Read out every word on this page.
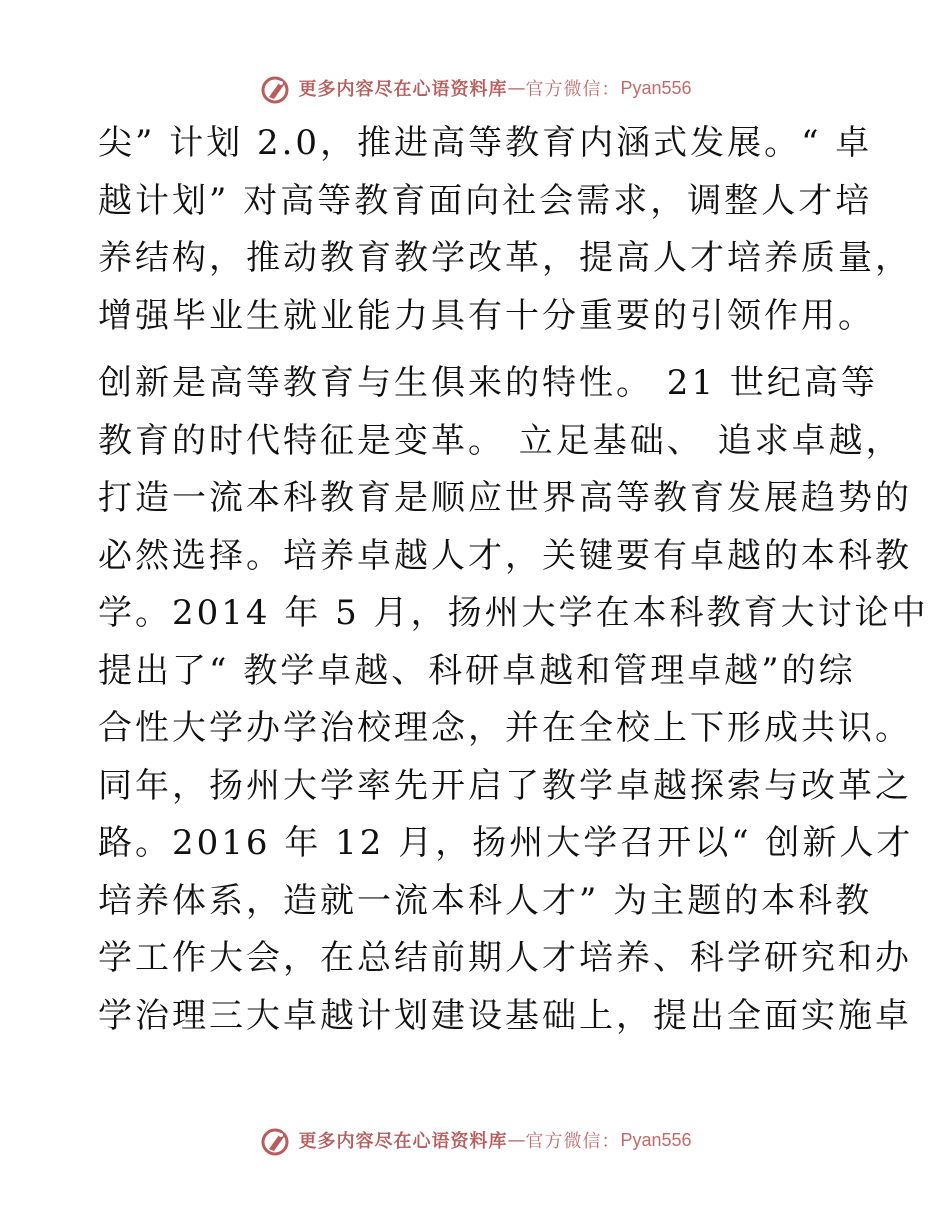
更多内容尽在心语资料库 — 官方微信： Pyan556
尖” 计划 2.0，推进高等教育内涵式发展。“ 卓
越计划” 对高等教育面向社会需求，调整人才培
养结构，推动教育教学改革，提高人才培养质量，
增强毕业生就业能力具有十分重要的引领作用。
创新是高等教育与生俱来的特性。 21 世纪高等
教育的时代特征是变革。 立足基础、 追求卓越，
打造一流本科教育是顺应世界高等教育发展趋势的
必然选择。培养卓越人才，关键要有卓越的本科教
学。2014 年 5 月，扬州大学在本科教育大讨论中
提出了“ 教学卓越、科研卓越和管理卓越”的综
合性大学办学治校理念，并在全校上下形成共识。
同年，扬州大学率先开启了教学卓越探索与改革之
路。2016 年 12 月，扬州大学召开以“ 创新人才
培养体系，造就一流本科人才” 为主题的本科教
学工作大会，在总结前期人才培养、科学研究和办
学治理三大卓越计划建设基础上，提出全面实施卓
更多内容尽在心语资料库 — 官方微信： Pyan556
